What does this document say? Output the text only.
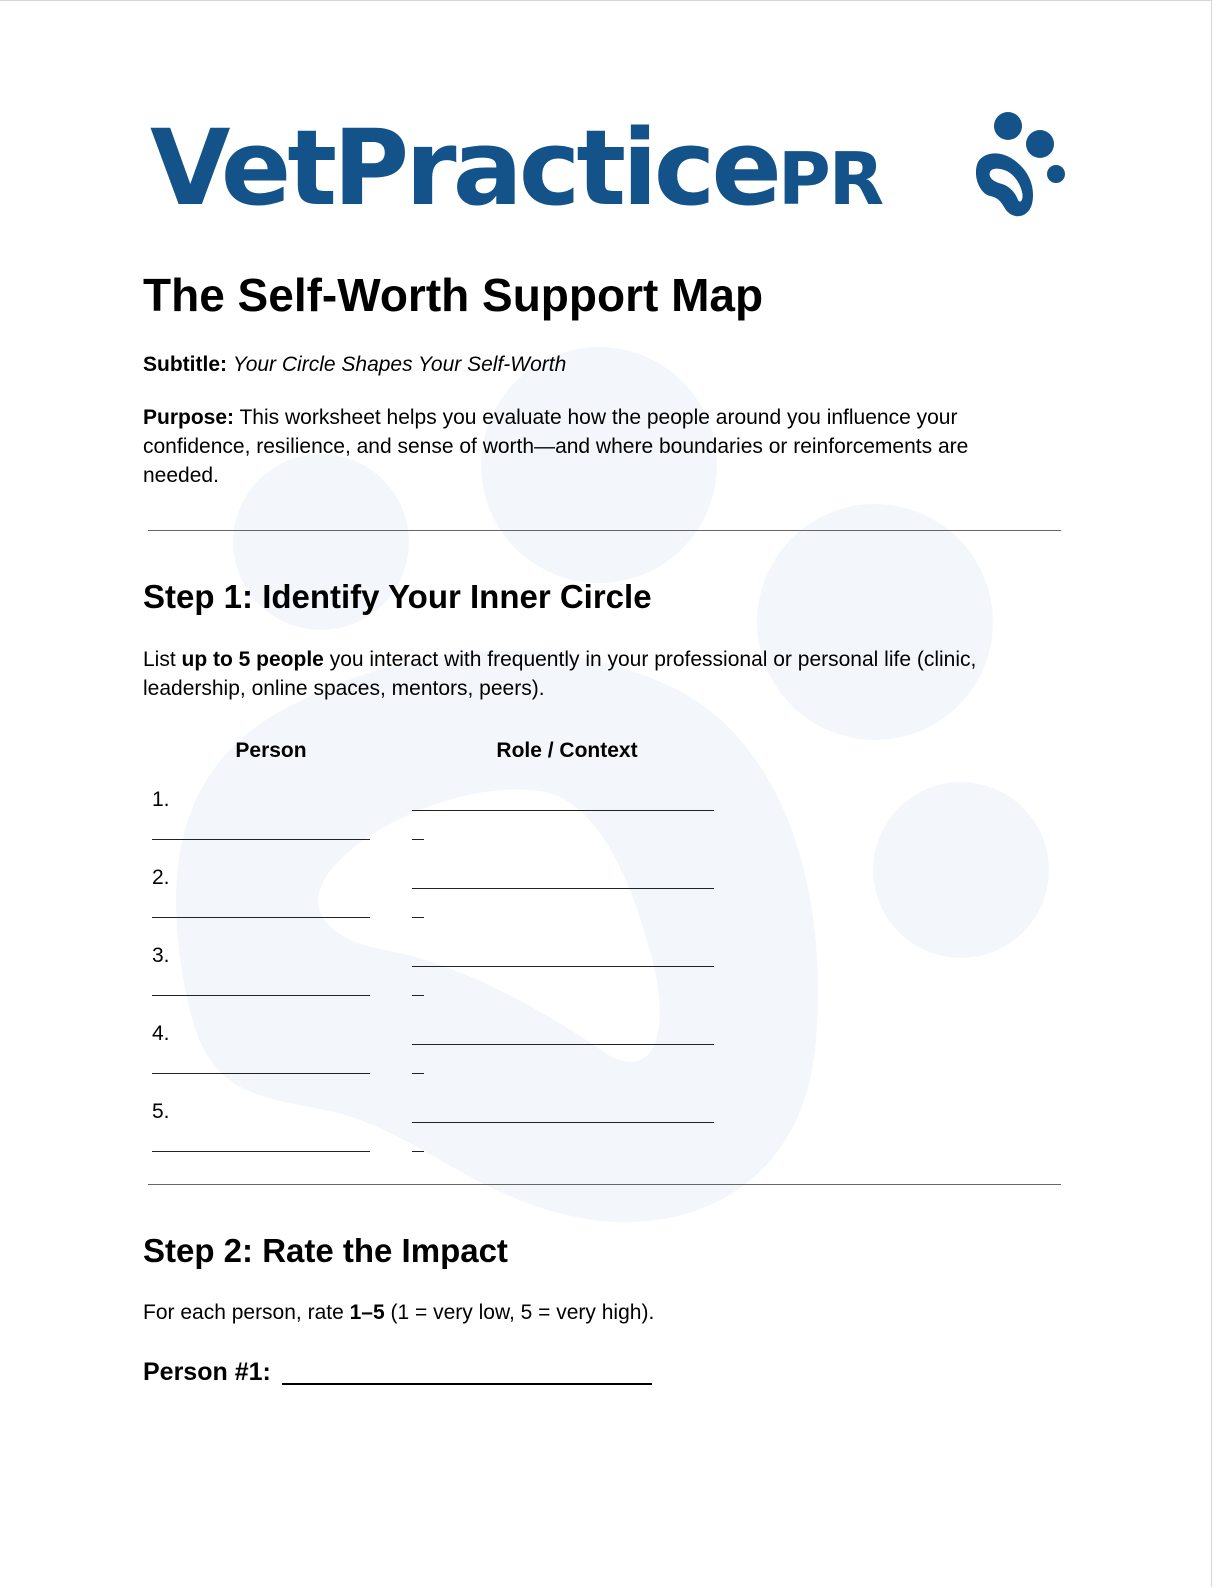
VetPracticePR
The Self-Worth Support Map

Subtitle: Your Circle Shapes Your Self-Worth

Purpose: This worksheet helps you evaluate how the people around you influence your confidence, resilience, and sense of worth—and where boundaries or reinforcements are needed.

Step 1: Identify Your Inner Circle

List up to 5 people you interact with frequently in your professional or personal life (clinic, leadership, online spaces, mentors, peers).

Person	Role / Context
1.
2.
3.
4.
5.
Step 2: Rate the Impact

For each person, rate 1–5 (1 = very low, 5 = very high).

Person #1:
